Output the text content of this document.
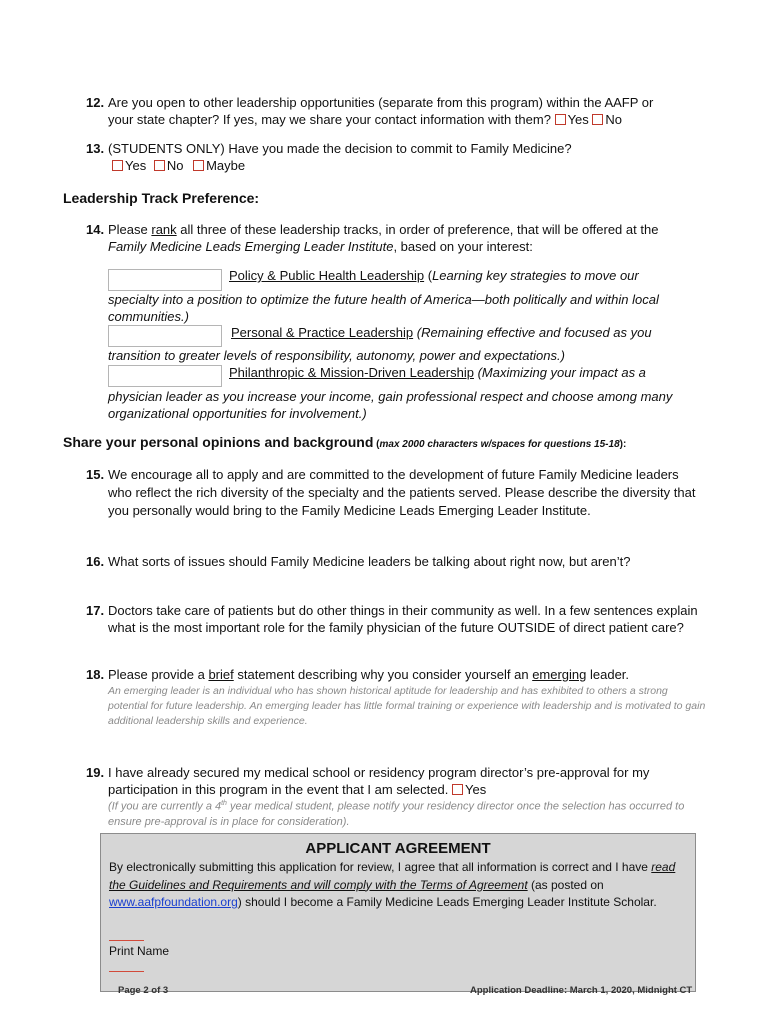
12. Are you open to other leadership opportunities (separate from this program) within the AAFP or
your state chapter? If yes, may we share your contact information with them? Yes No
13. (STUDENTS ONLY) Have you made the decision to commit to Family Medicine?
Yes No Maybe
Leadership Track Preference:
14. Please rank all three of these leadership tracks, in order of preference, that will be offered at the
Family Medicine Leads Emerging Leader Institute, based on your interest:
Policy & Public Health Leadership (Learning key strategies to move our
specialty into a position to optimize the future health of America—both politically and within local communities.)
Personal & Practice Leadership (Remaining effective and focused as you
transition to greater levels of responsibility, autonomy, power and expectations.)
Philanthropic & Mission-Driven Leadership (Maximizing your impact as a
physician leader as you increase your income, gain professional respect and choose among many organizational opportunities for involvement.)
Share your personal opinions and background (max 2000 characters w/spaces for questions 15-18):
15. We encourage all to apply and are committed to the development of future Family Medicine leaders who reflect the rich diversity of the specialty and the patients served. Please describe the diversity that you personally would bring to the Family Medicine Leads Emerging Leader Institute.
16. What sorts of issues should Family Medicine leaders be talking about right now, but aren’t?
17. Doctors take care of patients but do other things in their community as well. In a few sentences explain what is the most important role for the family physician of the future OUTSIDE of direct patient care?
18. Please provide a brief statement describing why you consider yourself an emerging leader.
An emerging leader is an individual who has shown historical aptitude for leadership and has exhibited to others a strong potential for future leadership. An emerging leader has little formal training or experience with leadership and is motivated to gain additional leadership skills and experience.
19. I have already secured my medical school or residency program director’s pre-approval for my
participation in this program in the event that I am selected. Yes
(If you are currently a 4th year medical student, please notify your residency director once the selection has occurred to ensure pre-approval is in place for consideration).
APPLICANT AGREEMENT
By electronically submitting this application for review, I agree that all information is correct and I have read the Guidelines and Requirements and will comply with the Terms of Agreement (as posted on www.aafpfoundation.org) should I become a Family Medicine Leads Emerging Leader Institute Scholar.
Print Name
Page 2 of 3	Application Deadline: March 1, 2020, Midnight CT
